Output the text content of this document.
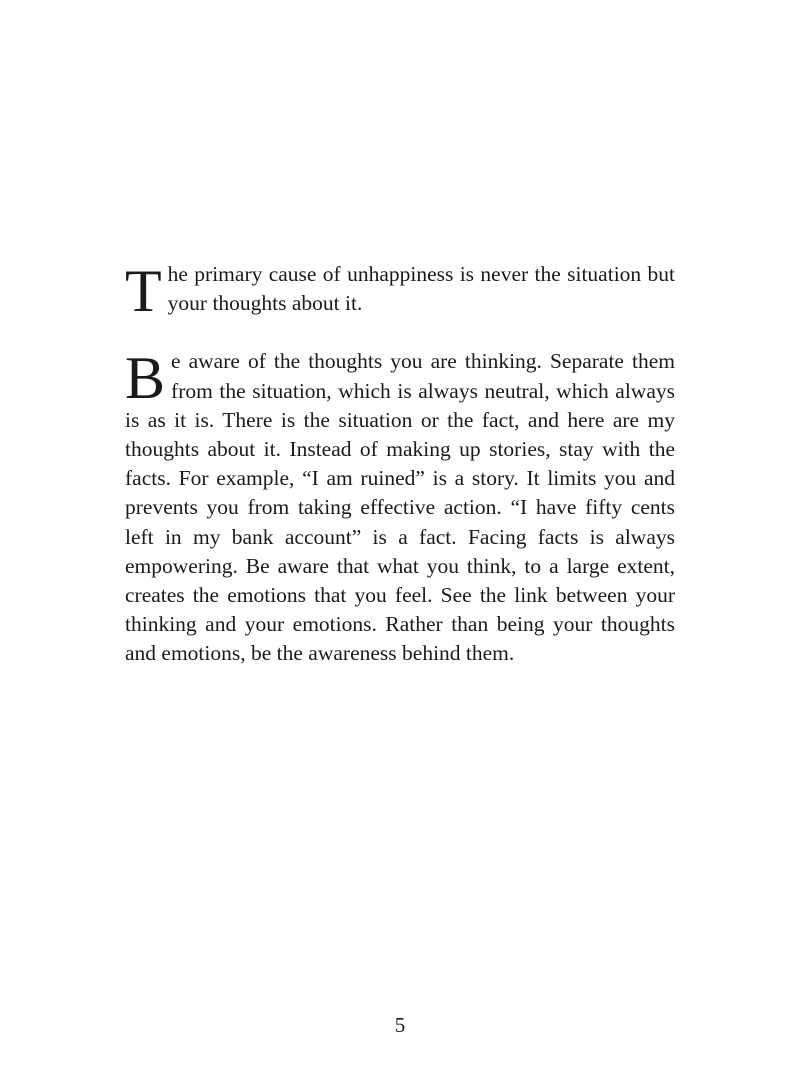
The primary cause of unhappiness is never the situation but your thoughts about it.

Be aware of the thoughts you are thinking. Separate them from the situation, which is always neutral, which always is as it is. There is the situation or the fact, and here are my thoughts about it. Instead of making up stories, stay with the facts. For example, “I am ruined” is a story. It limits you and prevents you from taking effective action. “I have fifty cents left in my bank account” is a fact. Facing facts is always empowering. Be aware that what you think, to a large extent, creates the emotions that you feel. See the link between your thinking and your emotions. Rather than being your thoughts and emotions, be the awareness behind them.

5
